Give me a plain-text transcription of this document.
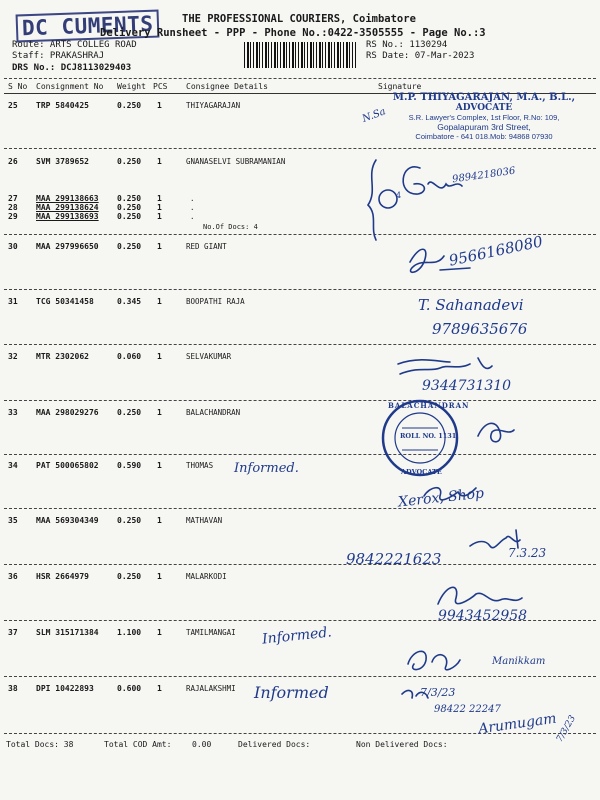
DC CUMENTS	THE PROFESSIONAL COURIERS, Coimbatore
Delivery Runsheet - PPP - Phone No.:0422-3505555 - Page No.:3
Route: ARTS COLLEG ROAD
Staff: PRAKASHRAJ
DRS No.: DCJ8113029403
RS No.: 1130294
RS Date: 07-Mar-2023
S No Consignment No Weight PCS Consignee Details	Signature
25 TRP 5840425	0.250 1	THIYAGARAJAN
26 SVM 3789652	0.250 1	GNANASELVI SUBRAMANIAN
27 MAA 299138663 0.250 1	.
28 MAA 299138624 0.250 1	.
29 MAA 299138693 0.250 1	.
No.Of Docs: 4
30 MAA 297996650 0.250 1	RED GIANT
31 TCG 50341458	0.345 1	BOOPATHI RAJA
32 MTR 2302062	0.060 1	SELVAKUMAR
33 MAA 298029276 0.250 1	BALACHANDRAN
34 PAT 500065802 0.590 1	THOMAS
35 MAA 569304349 0.250 1	MATHAVAN
36 HSR 2664979	0.250 1	MALARKODI
37 SLM 315171384 1.100 1	TAMILMANGAI
38 DPI 10422893	0.600 1	RAJALAKSHMI
M.P. THIYAGARAJAN, M.A., B.L.,
ADVOCATE
S.R. Lawyer's Complex, 1st Floor, R.No: 109,
Gopalapuram 3rd Street,
Coimbatore - 641 018.Mob: 94868 07930
N.Sa
BALACHANDRAN
ROLL NO. 1131
ADVOCATE
4
9894218036
9566168080
T. Sahanadevi
9789635676
9344731310
Informed.
Xerox, Shop
9842221623	7.3.23
9943452958
Informed.
Manikkam
Informed	7/3/23
98422 22247
Arumugam
7/3/23
Total Docs: 38	Total COD Amt:	0.00	Delivered Docs:	Non Delivered Docs:
